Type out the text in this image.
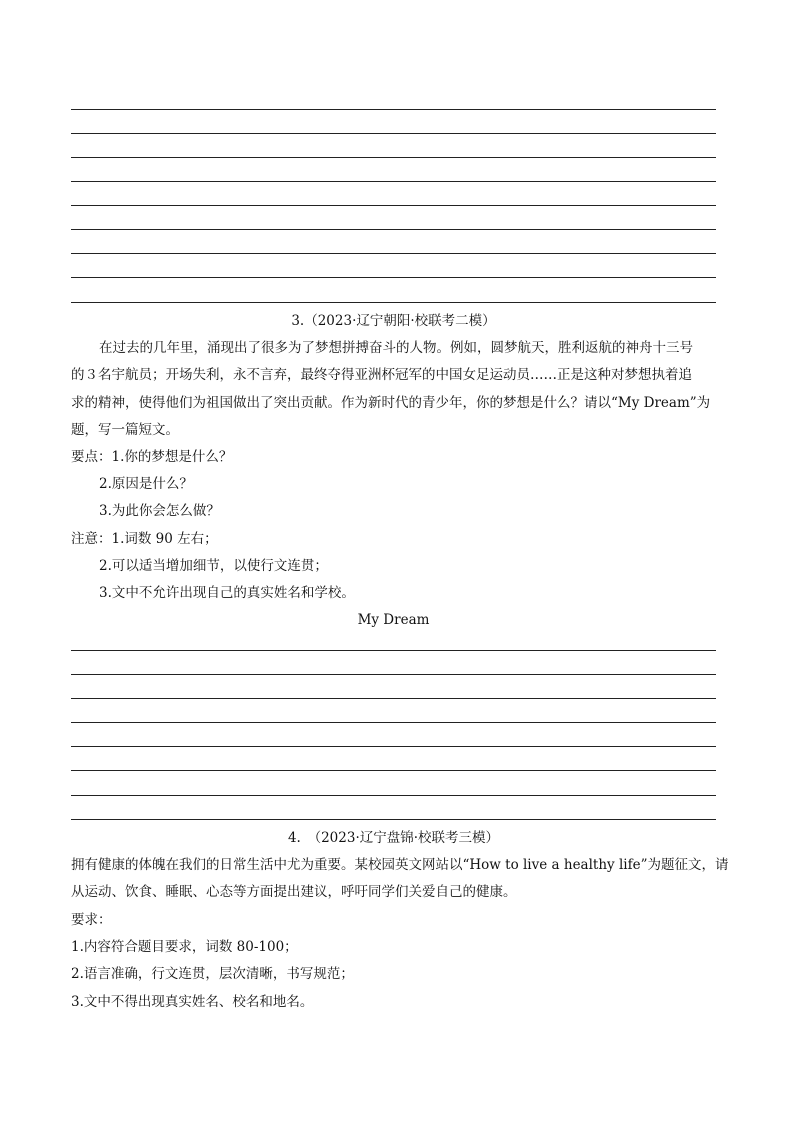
3.（2023·辽宁朝阳·校联考二模）
在过去的几年里，涌现出了很多为了梦想拼搏奋斗的人物。例如，圆梦航天，胜利返航的神舟十三号
的３名宇航员；开场失利，永不言弃，最终夺得亚洲杯冠军的中国女足运动员……正是这种对梦想执着追
求的精神，使得他们为祖国做出了突出贡献。作为新时代的青少年，你的梦想是什么？请以“My Dream”为
题，写一篇短文。
要点：1.你的梦想是什么？
2.原因是什么？
3.为此你会怎么做？
注意：1.词数 90 左右；
2.可以适当增加细节，以使行文连贯；
3.文中不允许出现自己的真实姓名和学校。
My Dream
4.　（2023·辽宁盘锦·校联考三模）
拥有健康的体魄在我们的日常生活中尤为重要。某校园英文网站以“How to live a healthy life”为题征文，请
从运动、饮食、睡眠、心态等方面提出建议，呼吁同学们关爱自己的健康。
要求：
1.内容符合题目要求，词数 80-100；
2.语言准确，行文连贯，层次清晰，书写规范；
3.文中不得出现真实姓名、校名和地名。
